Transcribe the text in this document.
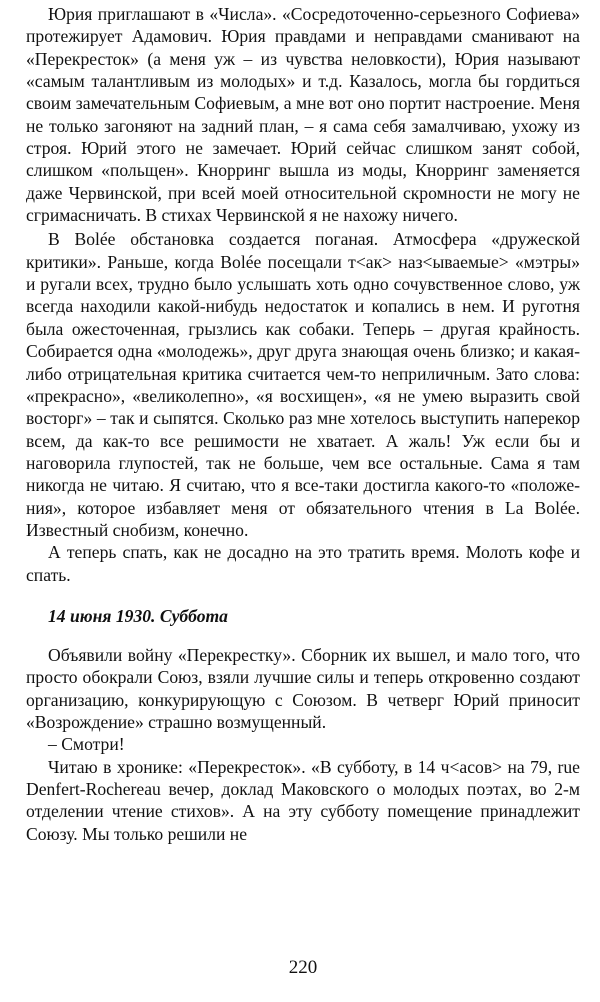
Юрия приглашают в «Числа». «Сосредоточенно-серьезного Софиева» протежирует Адамович. Юрия правдами и неправдами сманивают на «Перекресток» (а меня уж – из чувства неловкости), Юрия называют «самым талантливым из молодых» и т.д. Казалось, могла бы гордиться своим замечательным Софиевым, а мне вот оно портит настроение. Меня не только загоняют на задний план, – я сама себя замалчиваю, ухожу из строя. Юрий этого не замечает. Юрий сейчас слишком занят собой, слишком «польщен». Кнорринг вышла из моды, Кнорринг заменяется даже Червинской, при всей моей относительной скромности не могу не сгримасничать. В стихах Червинской я не нахожу ничего.

В Bolée обстановка создается поганая. Атмосфера «дружеской критики». Раньше, когда Bolée посещали т<ак> наз<ываемые> «мэтры» и ругали всех, трудно было услышать хоть одно сочувственное слово, уж всегда находили какой-нибудь недостаток и копались в нем. И руготня была ожесточенная, грызлись как собаки. Теперь – другая крайность. Собирается одна «молодежь», друг друга знающая очень близко; и какая-либо отрицательная критика считается чем-то неприличным. Зато слова: «прекрасно», «великолепно», «я восхищен», «я не умею выразить свой восторг» – так и сыпятся. Сколько раз мне хотелось выступить наперекор всем, да как-то все решимости не хватает. А жаль! Уж если бы и наговорила глупостей, так не больше, чем все остальные. Сама я там никогда не читаю. Я считаю, что я все-таки достигла какого-то «положения», которое избавляет меня от обязательного чтения в La Bolée. Известный снобизм, конечно.

А теперь спать, как не досадно на это тратить время. Молоть кофе и спать.

14 июня 1930. Суббота

Объявили войну «Перекрестку». Сборник их вышел, и мало того, что просто обокрали Союз, взяли лучшие силы и теперь откровенно создают организацию, конкурирующую с Союзом. В четверг Юрий приносит «Возрождение» страшно возмущенный.

– Смотри!

Читаю в хронике: «Перекресток». «В субботу, в 14 ч<асов> на 79, rue Denfert-Rochereau вечер, доклад Маковского о молодых поэтах, во 2-м отделении чтение стихов». А на эту субботу помещение принадлежит Союзу. Мы только решили не

220
